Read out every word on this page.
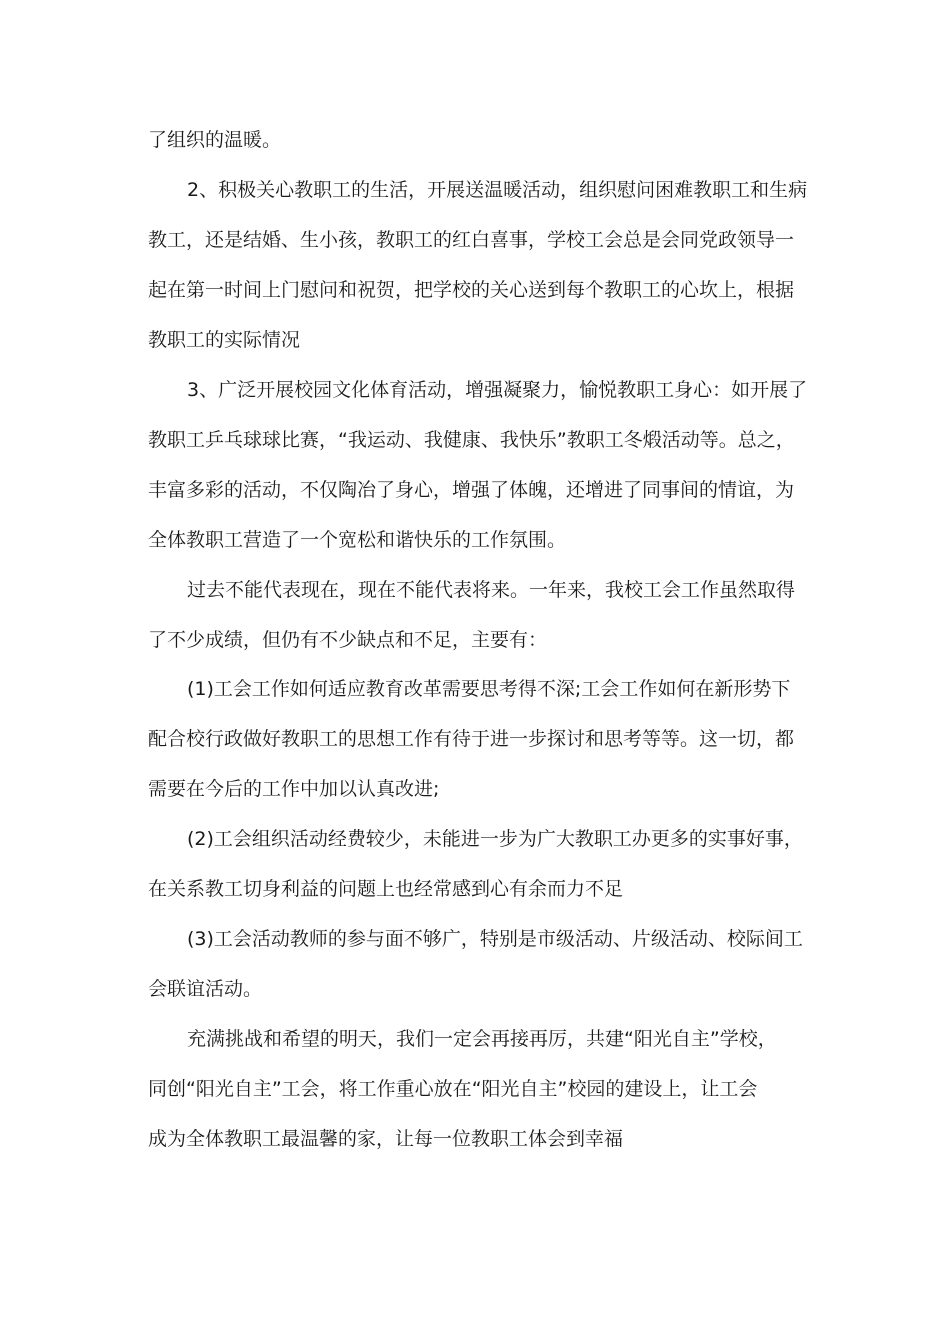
了组织的温暖。
2、积极关心教职工的生活，开展送温暖活动，组织慰问困难教职工和生病
教工，还是结婚、生小孩，教职工的红白喜事，学校工会总是会同党政领导一
起在第一时间上门慰问和祝贺，把学校的关心送到每个教职工的心坎上，根据
教职工的实际情况
3、广泛开展校园文化体育活动，增强凝聚力，愉悦教职工身心：如开展了
教职工乒乓球球比赛，“我运动、我健康、我快乐”教职工冬煅活动等。总之，
丰富多彩的活动，不仅陶冶了身心，增强了体魄，还增进了同事间的情谊，为
全体教职工营造了一个宽松和谐快乐的工作氛围。
过去不能代表现在，现在不能代表将来。一年来，我校工会工作虽然取得
了不少成绩，但仍有不少缺点和不足，主要有：
(1)工会工作如何适应教育改革需要思考得不深;工会工作如何在新形势下
配合校行政做好教职工的思想工作有待于进一步探讨和思考等等。这一切，都
需要在今后的工作中加以认真改进;
(2)工会组织活动经费较少，未能进一步为广大教职工办更多的实事好事，
在关系教工切身利益的问题上也经常感到心有余而力不足
(3)工会活动教师的参与面不够广，特别是市级活动、片级活动、校际间工
会联谊活动。
充满挑战和希望的明天，我们一定会再接再厉，共建“阳光自主”学校，
同创“阳光自主”工会，将工作重心放在“阳光自主”校园的建设上，让工会
成为全体教职工最温馨的家，让每一位教职工体会到幸福
